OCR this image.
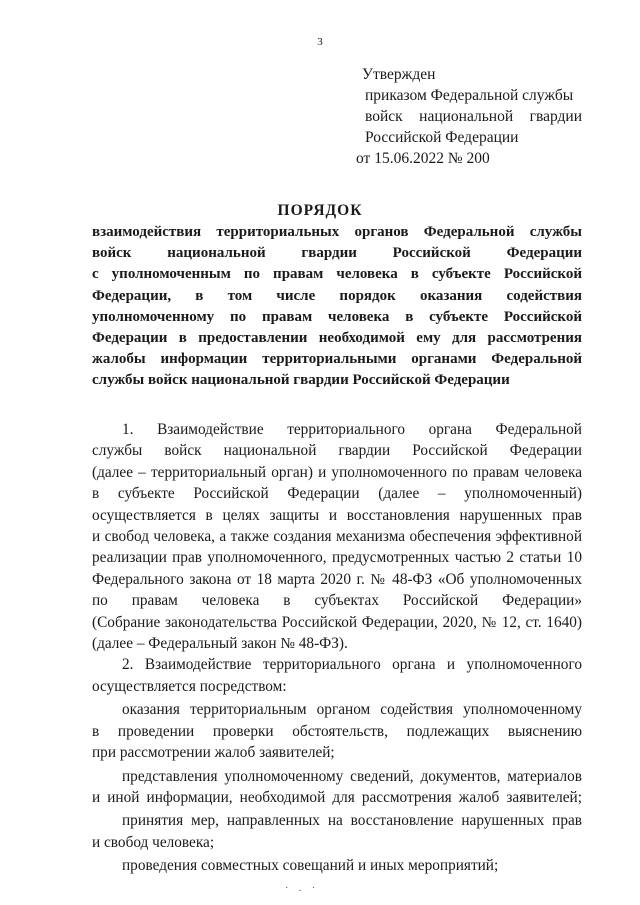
3
Утвержден
приказом Федеральной службы
войск национальной гвардии
Российской Федерации
от 15.06.2022 № 200
ПОРЯДОК
взаимодействия территориальных органов Федеральной службы
войск национальной гвардии Российской Федерации
с уполномоченным по правам человека в субъекте Российской
Федерации, в том числе порядок оказания содействия
уполномоченному по правам человека в субъекте Российской
Федерации в предоставлении необходимой ему для рассмотрения
жалобы информации территориальными органами Федеральной
службы войск национальной гвардии Российской Федерации
1. Взаимодействие территориального органа Федеральной
службы войск национальной гвардии Российской Федерации
(далее – территориальный орган) и уполномоченного по правам человека
в субъекте Российской Федерации (далее – уполномоченный)
осуществляется в целях защиты и восстановления нарушенных прав
и свобод человека, а также создания механизма обеспечения эффективной
реализации прав уполномоченного, предусмотренных частью 2 статьи 10
Федерального закона от 18 марта 2020 г. № 48-ФЗ «Об уполномоченных
по правам человека в субъектах Российской Федерации»
(Собрание законодательства Российской Федерации, 2020, № 12, ст. 1640)
(далее – Федеральный закон № 48-ФЗ).
2. Взаимодействие территориального органа и уполномоченного
осуществляется посредством:
оказания территориальным органом содействия уполномоченному
в проведении проверки обстоятельств, подлежащих выяснению
при рассмотрении жалоб заявителей;
представления уполномоченному сведений, документов, материалов
и иной информации, необходимой для рассмотрения жалоб заявителей;
принятия мер, направленных на восстановление нарушенных прав
и свобод человека;
проведения совместных совещаний и иных мероприятий;
· . ·
